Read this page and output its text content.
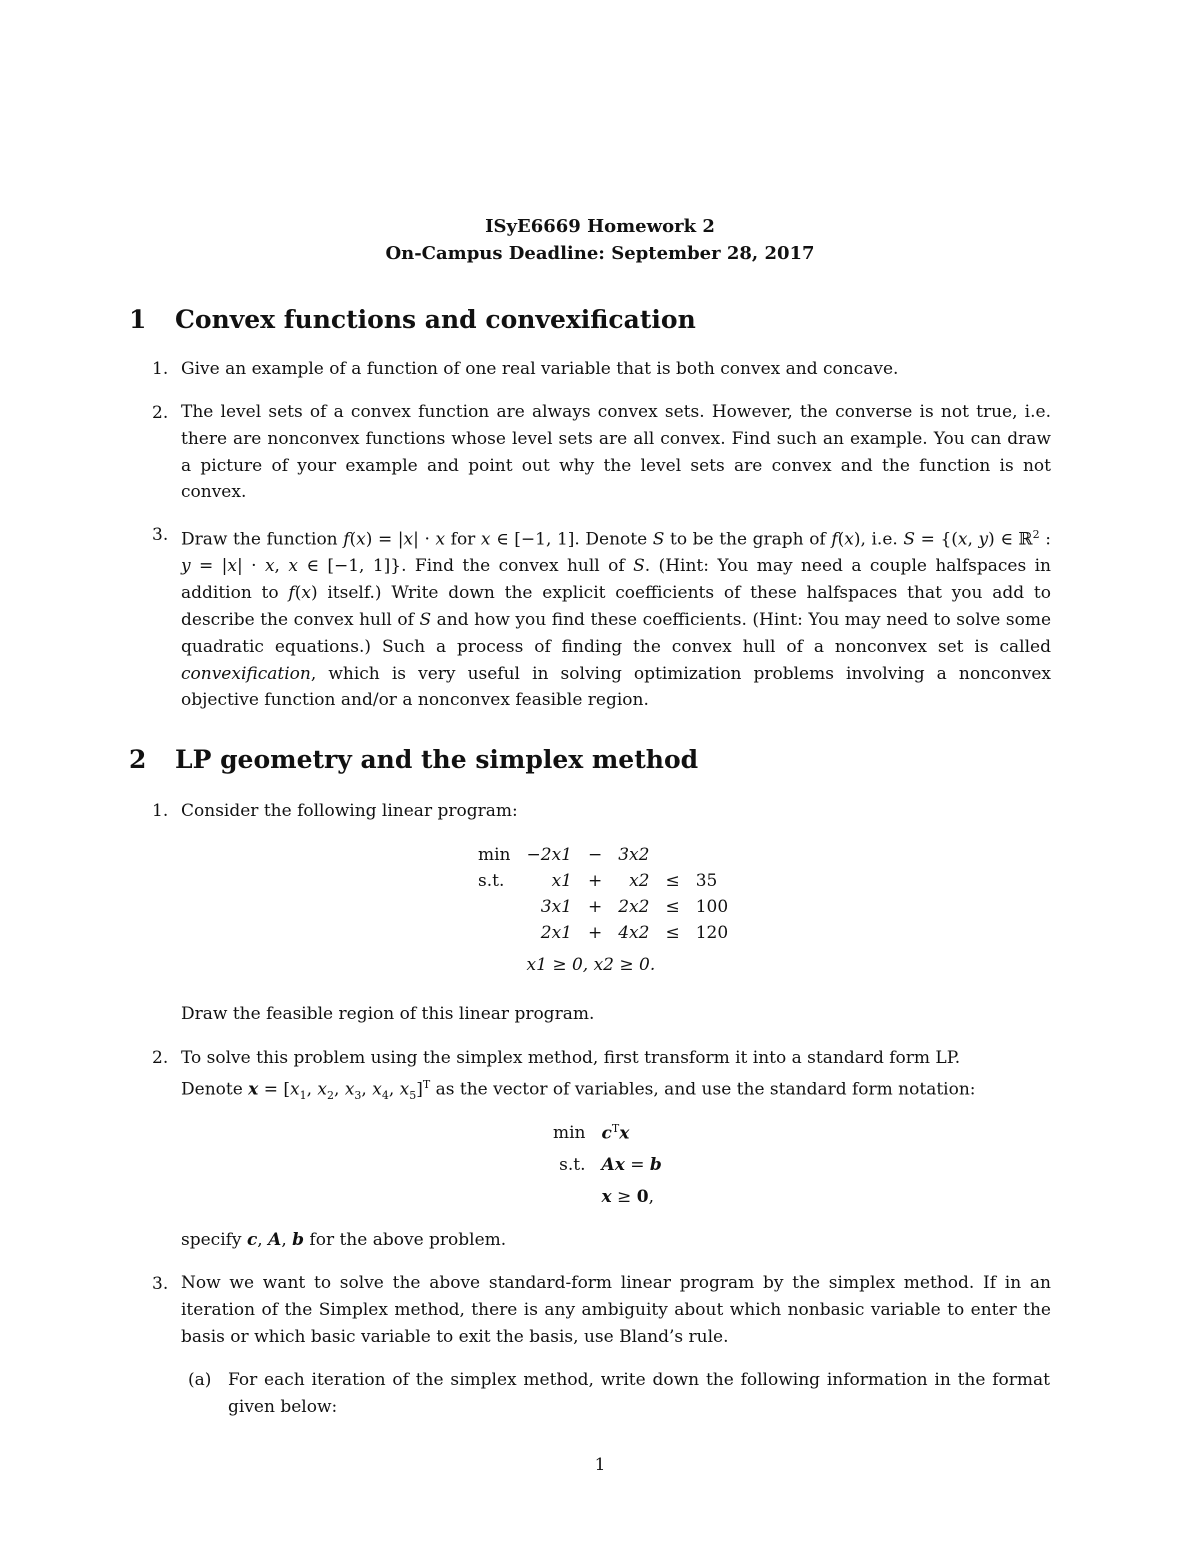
ISyE6669 Homework 2
On-Campus Deadline: September 28, 2017
1 Convex functions and convexification
1. Give an example of a function of one real variable that is both convex and concave.
2. The level sets of a convex function are always convex sets. However, the converse is not true, i.e. there are nonconvex functions whose level sets are all convex. Find such an example. You can draw a picture of your example and point out why the level sets are convex and the function is not convex.
3. Draw the function f(x) = |x| · x for x ∈ [−1, 1]. Denote S to be the graph of f(x), i.e. S = {(x, y) ∈ ℝ$^2$ : y = |x| · x, x ∈ [−1, 1]}. Find the convex hull of S. (Hint: You may need a couple halfspaces in addition to f(x) itself.) Write down the explicit coefficients of these halfspaces that you add to describe the convex hull of S and how you find these coefficients. (Hint: You may need to solve some quadratic equations.) Such a process of finding the convex hull of a nonconvex set is called convexification, which is very useful in solving optimization problems involving a nonconvex objective function and/or a nonconvex feasible region.
2 LP geometry and the simplex method
1. Consider the following linear program:
min	−2x1	−	3x2		
s.t.	x1	+	x2	≤	35
	3x1	+	2x2	≤	100
	2x1	+	4x2	≤	120
	x1 ≥ 0, x2 ≥ 0.				
Draw the feasible region of this linear program.
2. To solve this problem using the simplex method, first transform it into a standard form LP.
Denote $x = [x_1$, $x_2$, $x_3$, $x_4$, $x_5]^T$ as the vector of variables, and use the standard form notation:
min	$c^Tx$
s.t.	Ax = b
	x ≥ 0,
specify c, A, b for the above problem.
3. Now we want to solve the above standard-form linear program by the simplex method. If in an iteration of the Simplex method, there is any ambiguity about which nonbasic variable to enter the basis or which basic variable to exit the basis, use Bland’s rule.
(a) For each iteration of the simplex method, write down the following information in the format given below:
1
